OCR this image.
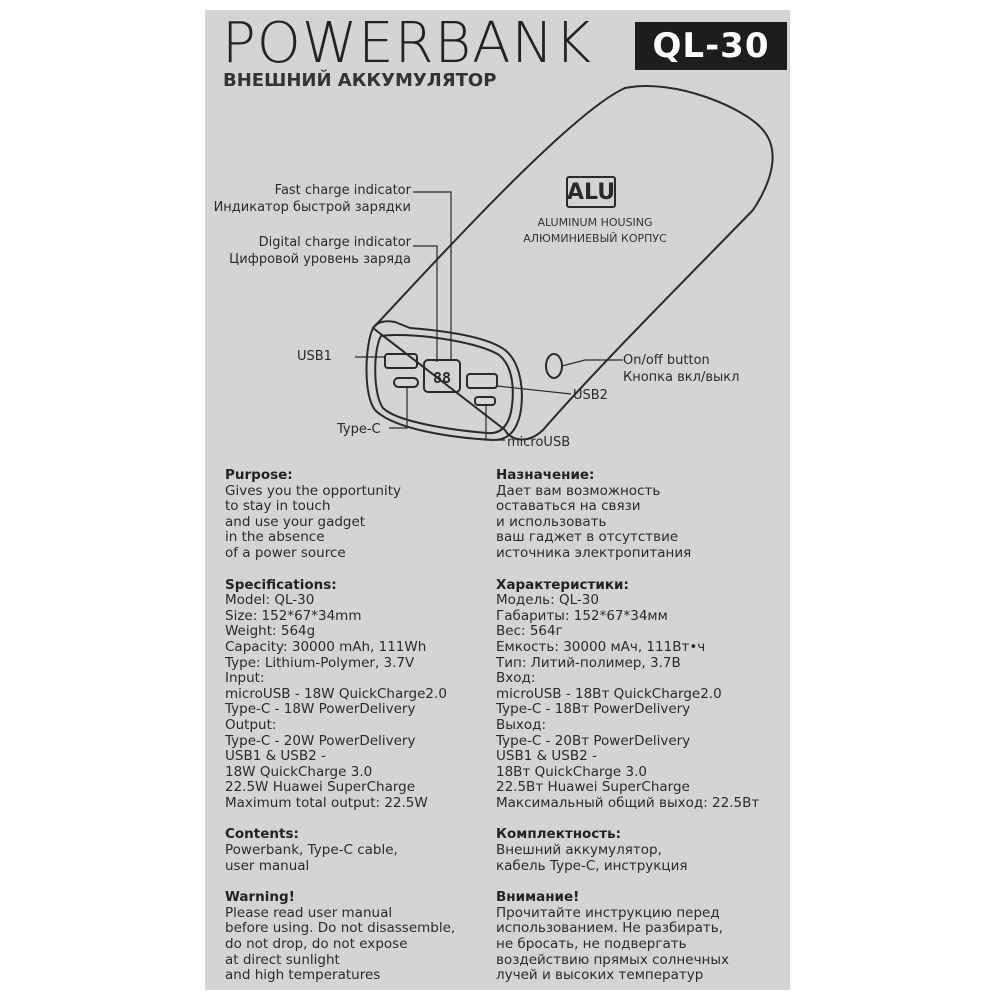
POWERBANK	QL-30
ВНЕШНИЙ АККУМУЛЯТОР
88
Fast charge indicator
Индикатор быстрой зарядки
Digital charge indicator
Цифровой уровень заряда
USB1
Type-C
On/off button
Кнопка вкл/выкл
USB2
microUSB
ALU
ALUMINUM HOUSING
АЛЮМИНИЕВЫЙ КОРПУС
Purpose:

Gives you the opportunity

to stay in touch

and use your gadget

in the absence

of a power source

Specifications:

Model: QL-30

Size: 152*67*34mm

Weight: 564g

Capacity: 30000 mAh, 111Wh

Type: Lithium-Polymer, 3.7V

Input:

microUSB - 18W QuickCharge2.0

Type-C - 18W PowerDelivery

Output:

Type-C - 20W PowerDelivery

USB1 & USB2 -

18W QuickCharge 3.0

22.5W Huawei SuperCharge

Maximum total output: 22.5W

Contents:

Powerbank, Type-C cable,

user manual

Warning!

Please read user manual

before using. Do not disassemble,

do not drop, do not expose

at direct sunlight

and high temperatures

Назначение:

Дает вам возможность

оставаться на связи

и использовать

ваш гаджет в отсутствие

источника электропитания

Характеристики:

Модель: QL-30

Габариты: 152*67*34мм

Вес: 564г

Емкость: 30000 мАч, 111Вт•ч

Тип: Литий-полимер, 3.7В

Вход:

microUSB - 18Вт QuickCharge2.0

Type-C - 18Вт PowerDelivery

Выход:

Type-C - 20Вт PowerDelivery

USB1 & USB2 -

18Вт QuickCharge 3.0

22.5Вт Huawei SuperCharge

Максимальный общий выход: 22.5Вт

Комплектность:

Внешний аккумулятор,

кабель Type-C, инструкция

Внимание!

Прочитайте инструкцию перед

использованием. Не разбирать,

не бросать, не подвергать

воздействию прямых солнечных

лучей и высоких температур
